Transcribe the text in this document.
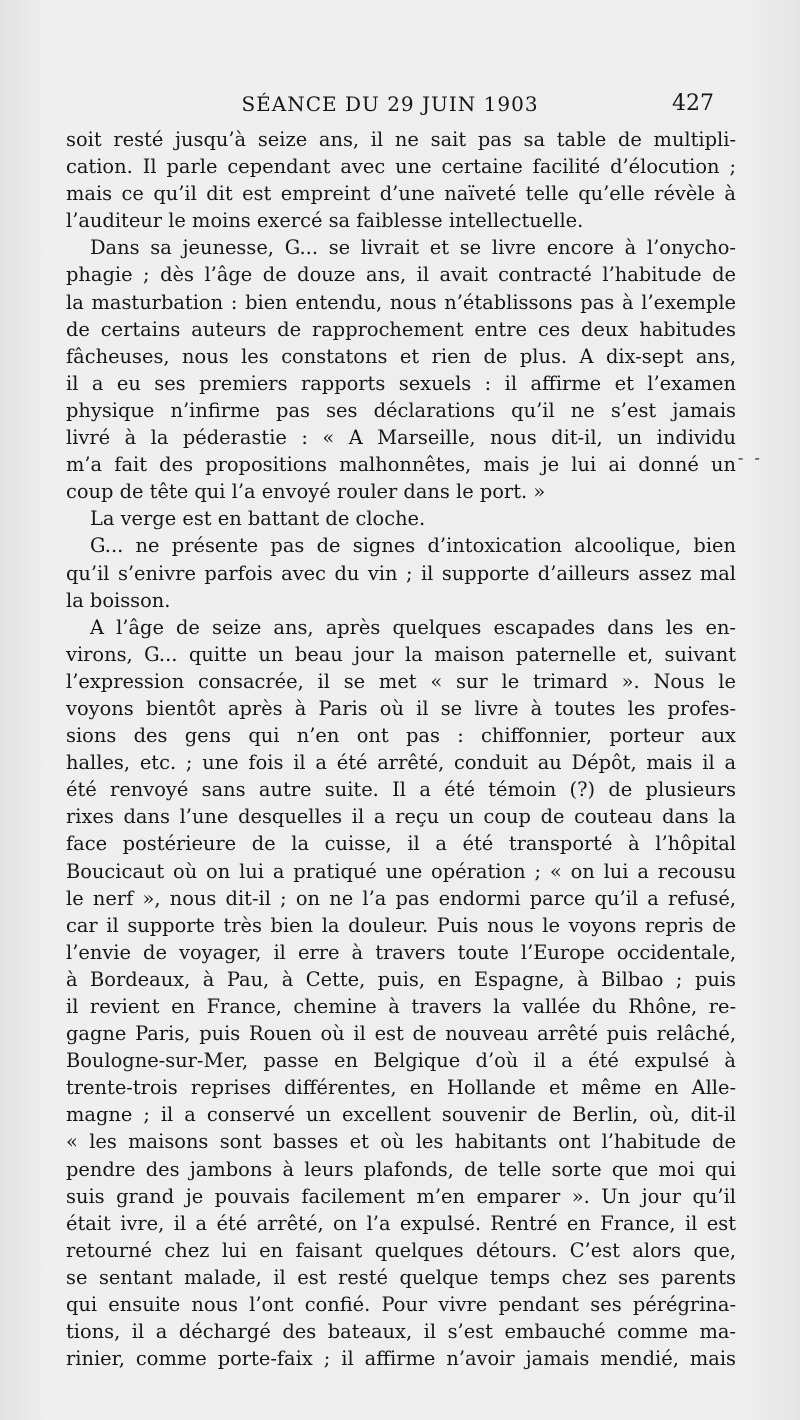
SÉANCE DU 29 JUIN 1903	427
soit resté jusqu’à seize ans, il ne sait pas sa table de multipli-
cation. Il parle cependant avec une certaine facilité d’élocution ;
mais ce qu’il dit est empreint d’une naïveté telle qu’elle révèle à
l’auditeur le moins exercé sa faiblesse intellectuelle.
Dans sa jeunesse, G... se livrait et se livre encore à l’onycho-
phagie ; dès l’âge de douze ans, il avait contracté l’habitude de
la masturbation : bien entendu, nous n’établissons pas à l’exemple
de certains auteurs de rapprochement entre ces deux habitudes
fâcheuses, nous les constatons et rien de plus. A dix-sept ans,
il a eu ses premiers rapports sexuels : il affirme et l’examen
physique n’infirme pas ses déclarations qu’il ne s’est jamais
livré à la péderastie : « A Marseille, nous dit-il, un individu
m’a fait des propositions malhonnêtes, mais je lui ai donné un
coup de tête qui l’a envoyé rouler dans le port. »
La verge est en battant de cloche.
G... ne présente pas de signes d’intoxication alcoolique, bien
qu’il s’enivre parfois avec du vin ; il supporte d’ailleurs assez mal
la boisson.
A l’âge de seize ans, après quelques escapades dans les en-
virons, G... quitte un beau jour la maison paternelle et, suivant
l’expression consacrée, il se met « sur le trimard ». Nous le
voyons bientôt après à Paris où il se livre à toutes les profes-
sions des gens qui n’en ont pas : chiffonnier, porteur aux
halles, etc. ; une fois il a été arrêté, conduit au Dépôt, mais il a
été renvoyé sans autre suite. Il a été témoin (?) de plusieurs
rixes dans l’une desquelles il a reçu un coup de couteau dans la
face postérieure de la cuisse, il a été transporté à l’hôpital
Boucicaut où on lui a pratiqué une opération ; « on lui a recousu
le nerf », nous dit-il ; on ne l’a pas endormi parce qu’il a refusé,
car il supporte très bien la douleur. Puis nous le voyons repris de
l’envie de voyager, il erre à travers toute l’Europe occidentale,
à Bordeaux, à Pau, à Cette, puis, en Espagne, à Bilbao ; puis
il revient en France, chemine à travers la vallée du Rhône, re-
gagne Paris, puis Rouen où il est de nouveau arrêté puis relâché,
Boulogne-sur-Mer, passe en Belgique d’où il a été expulsé à
trente-trois reprises différentes, en Hollande et même en Alle-
magne ; il a conservé un excellent souvenir de Berlin, où, dit-il
« les maisons sont basses et où les habitants ont l’habitude de
pendre des jambons à leurs plafonds, de telle sorte que moi qui
suis grand je pouvais facilement m’en emparer ». Un jour qu’il
était ivre, il a été arrêté, on l’a expulsé. Rentré en France, il est
retourné chez lui en faisant quelques détours. C’est alors que,
se sentant malade, il est resté quelque temps chez ses parents
qui ensuite nous l’ont confié. Pour vivre pendant ses pérégrina-
tions, il a déchargé des bateaux, il s’est embauché comme ma-
rinier, comme porte-faix ; il affirme n’avoir jamais mendié, mais
- -
